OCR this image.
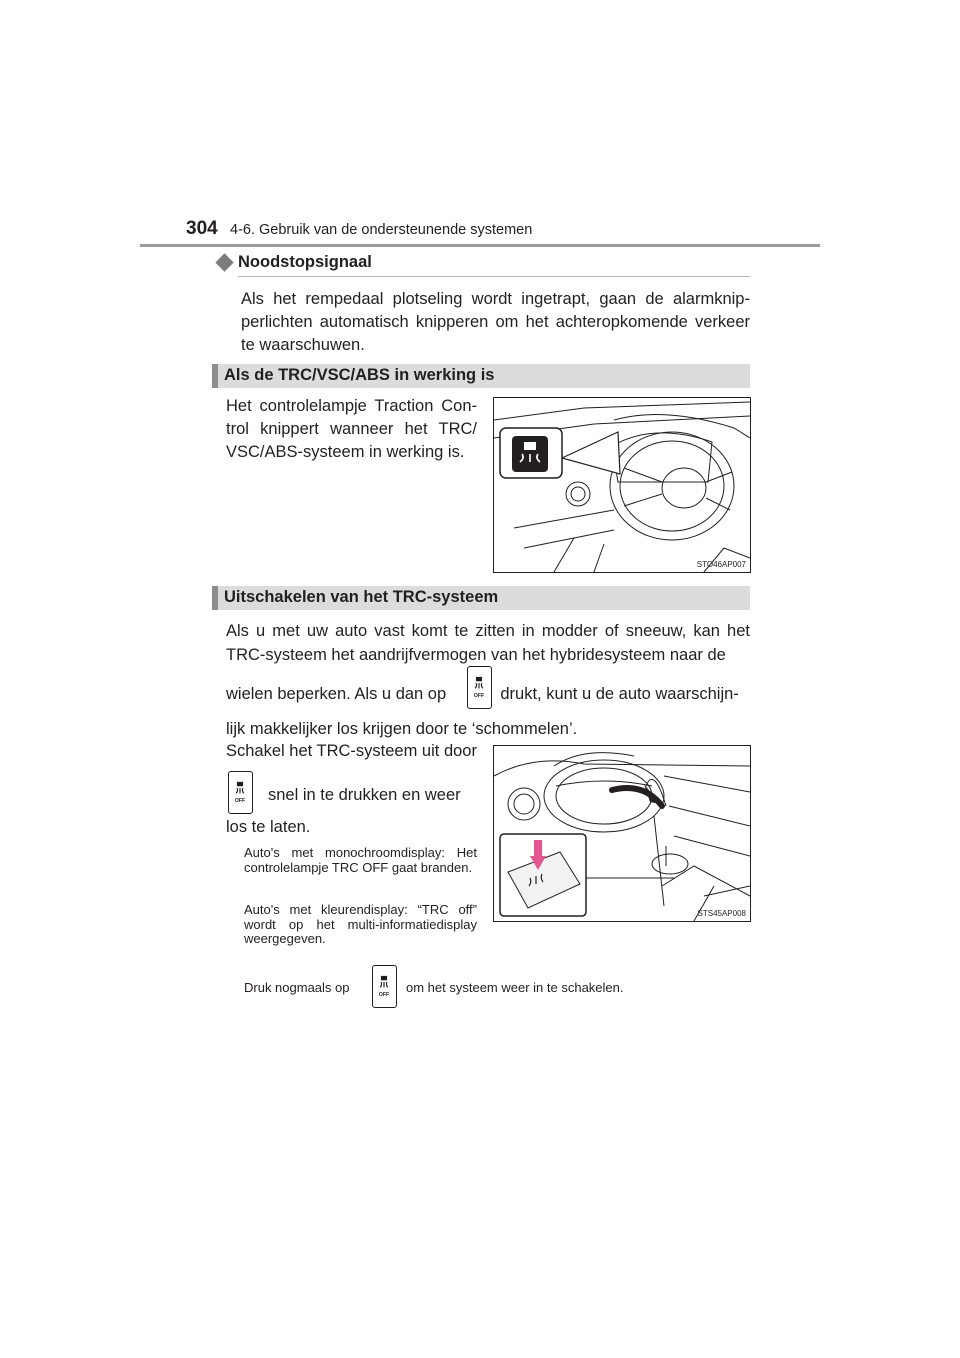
304 4-6. Gebruik van de ondersteunende systemen
Noodstopsignaal
Als het rempedaal plotseling wordt ingetrapt, gaan de alarmknipperlichten automatisch knipperen om het achteropkomende verkeer te waarschuwen.
Als de TRC/VSC/ABS in werking is
Het controlelampje Traction Control knippert wanneer het TRC/ VSC/ABS-systeem in werking is.
STO46AP007
Uitschakelen van het TRC-systeem
Als u met uw auto vast komt te zitten in modder of sneeuw, kan het TRC-systeem het aandrijfvermogen van het hybridesysteem naar de
wielen beperken. Als u dan op	drukt, kunt u de auto waarschijn-
lijk makkelijker los krijgen door te ‘schommelen’.
Schakel het TRC-systeem uit door
snel in te drukken en weer
los te laten.
Auto's met monochroomdisplay: Het controlelampje TRC OFF gaat branden.
Auto's met kleurendisplay: “TRC off” wordt op het multi-informatiedisplay weergegeven.
STS45AP008
Druk nogmaals op	om het systeem weer in te schakelen.
